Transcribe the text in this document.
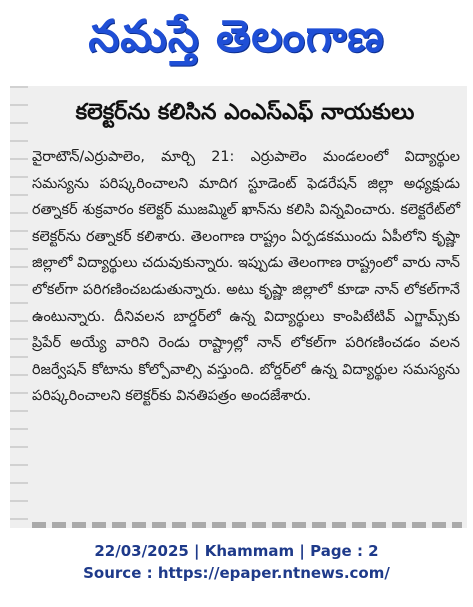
నమస్తే తెలంగాణ
కలెక్టర్‌ను కలిసిన ఎంఎస్‌ఎఫ్ నాయకులు

వైరాటౌన్/ఎర్రుపాలెం, మార్చి 21: ఎర్రుపాలెం మండలంలో విద్యార్థుల సమస్యను పరిష్కరించాలని మాదిగ స్టూడెంట్ ఫెడరేషన్ జిల్లా అధ్యక్షుడు రత్నాకర్ శుక్రవారం కలెక్టర్ ముజమ్మిల్ ఖాన్‌ను కలిసి విన్నవించారు. కలెక్టరేట్‌లో కలెక్టర్‌ను రత్నాకర్ కలిశారు. తెలంగాణ రాష్ట్రం ఏర్పడకముందు ఏపీలోని కృష్ణా జిల్లాలో విద్యార్థులు చదువుకున్నారు. ఇప్పుడు తెలంగాణ రాష్ట్రంలో వారు నాన్ లోకల్‌గా పరిగణించబడుతున్నారు. అటు కృష్ణా జిల్లాలో కూడా నాన్ లోకల్‌గానే ఉంటున్నారు. దీనివలన బార్డర్‌లో ఉన్న విద్యార్థులు కాంపిటేటివ్ ఎగ్జామ్స్‌కు ప్రిపేర్ అయ్యే వారిని రెండు రాష్ట్రాల్లో నాన్ లోకల్‌గా పరిగణించడం వలన రిజర్వేషన్ కోటాను కోల్పోవాల్సి వస్తుంది. బోర్డర్‌లో ఉన్న విద్యార్థుల సమస్యను పరిష్కరించాలని కలెక్టర్‌కు వినతిపత్రం అందజేశారు.

22/03/2025 | Khammam | Page : 2
Source : https://epaper.ntnews.com/
